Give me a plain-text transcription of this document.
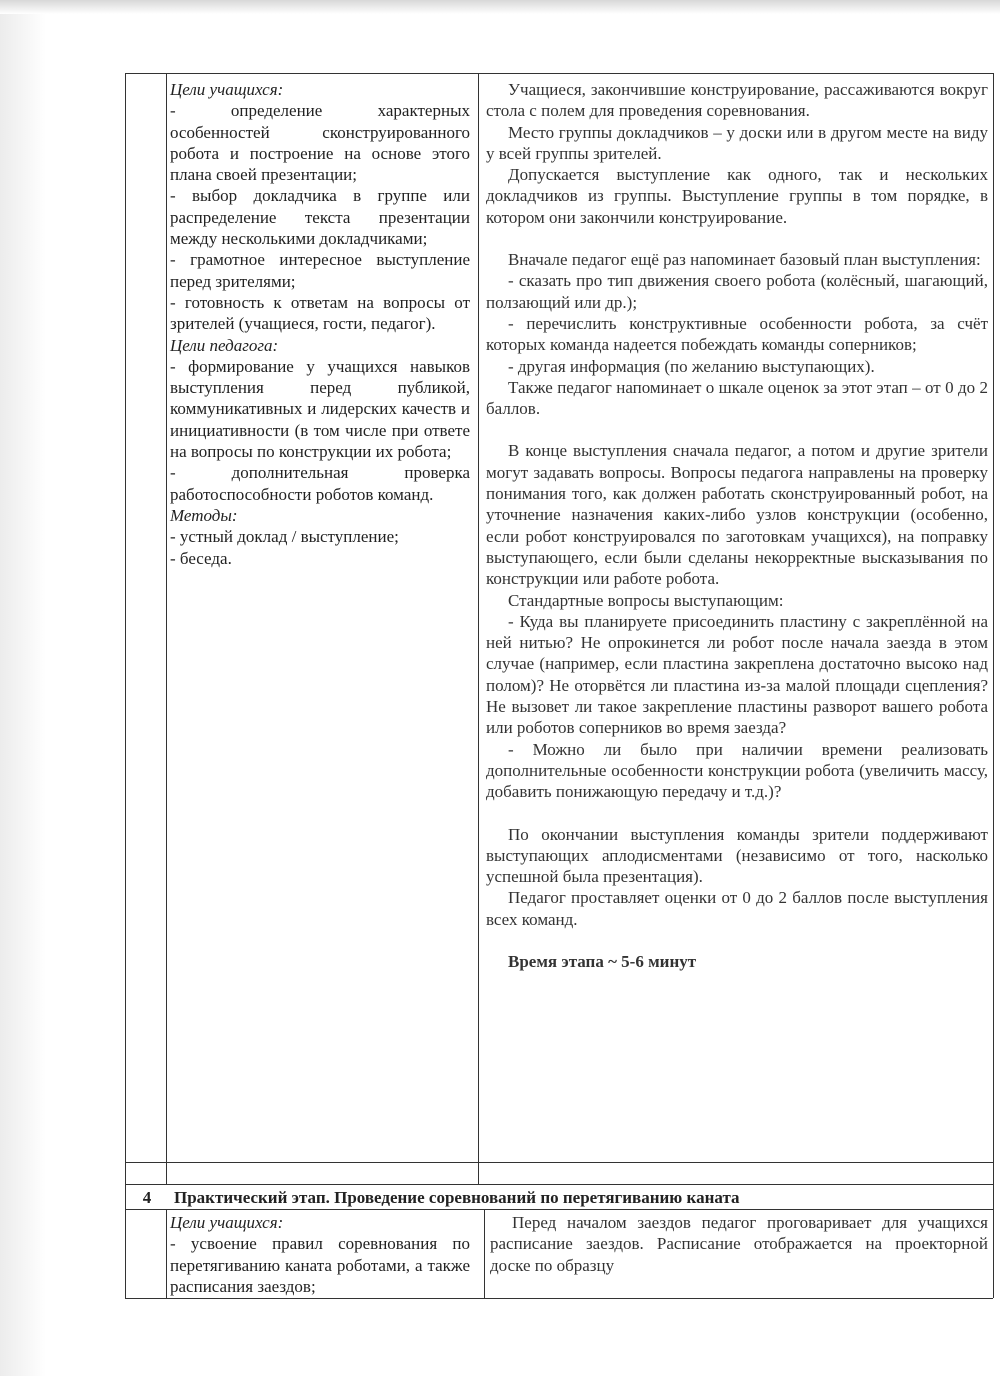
Цели учащихся:

- определение характерных особенностей сконструированного робота и построение на основе этого плана своей презентации;

- выбор докладчика в группе или распределение текста презентации между несколькими докладчиками;

- грамотное интересное выступление перед зрителями;

- готовность к ответам на вопросы от зрителей (учащиеся, гости, педагог).

Цели педагога:

- формирование у учащихся навыков выступления перед публикой, коммуникативных и лидерских качеств и инициативности (в том числе при ответе на вопросы по конструкции их робота;

- дополнительная проверка работоспособности роботов команд.

Методы:

- устный доклад / выступление;

- беседа.

Учащиеся, закончившие конструирование, рассаживаются вокруг стола с полем для проведения соревнования.

Место группы докладчиков – у доски или в другом месте на виду у всей группы зрителей.

Допускается выступление как одного, так и нескольких докладчиков из группы. Выступление группы в том порядке, в котором они закончили конструирование.

Вначале педагог ещё раз напоминает базовый план выступления:

- сказать про тип движения своего робота (колёсный, шагающий, ползающий или др.);

- перечислить конструктивные особенности робота, за счёт которых команда надеется побеждать команды соперников;

- другая информация (по желанию выступающих).

Также педагог напоминает о шкале оценок за этот этап – от 0 до 2 баллов.

В конце выступления сначала педагог, а потом и другие зрители могут задавать вопросы. Вопросы педагога направлены на проверку понимания того, как должен работать сконструированный робот, на уточнение назначения каких-либо узлов конструкции (особенно, если робот конструировался по заготовкам учащихся), на поправку выступающего, если были сделаны некорректные высказывания по конструкции или работе робота.

Стандартные вопросы выступающим:

- Куда вы планируете присоединить пластину с закреплённой на ней нитью? Не опрокинется ли робот после начала заезда в этом случае (например, если пластина закреплена достаточно высоко над полом)? Не оторвётся ли пластина из-за малой площади сцепления? Не вызовет ли такое закрепление пластины разворот вашего робота или роботов соперников во время заезда?

- Можно ли было при наличии времени реализовать дополнительные особенности конструкции робота (увеличить массу, добавить понижающую передачу и т.д.)?

По окончании выступления команды зрители поддерживают выступающих аплодисментами (независимо от того, насколько успешной была презентация).

Педагог проставляет оценки от 0 до 2 баллов после выступления всех команд.

Время этапа ~ 5-6 минут

4	Практический этап. Проведение соревнований по перетягиванию каната

Цели учащихся:

- усвоение правил соревнования по перетягиванию каната роботами, а также расписания заездов;

Перед началом заездов педагог проговаривает для учащихся расписание заездов. Расписание отображается на проекторной доске по образцу
